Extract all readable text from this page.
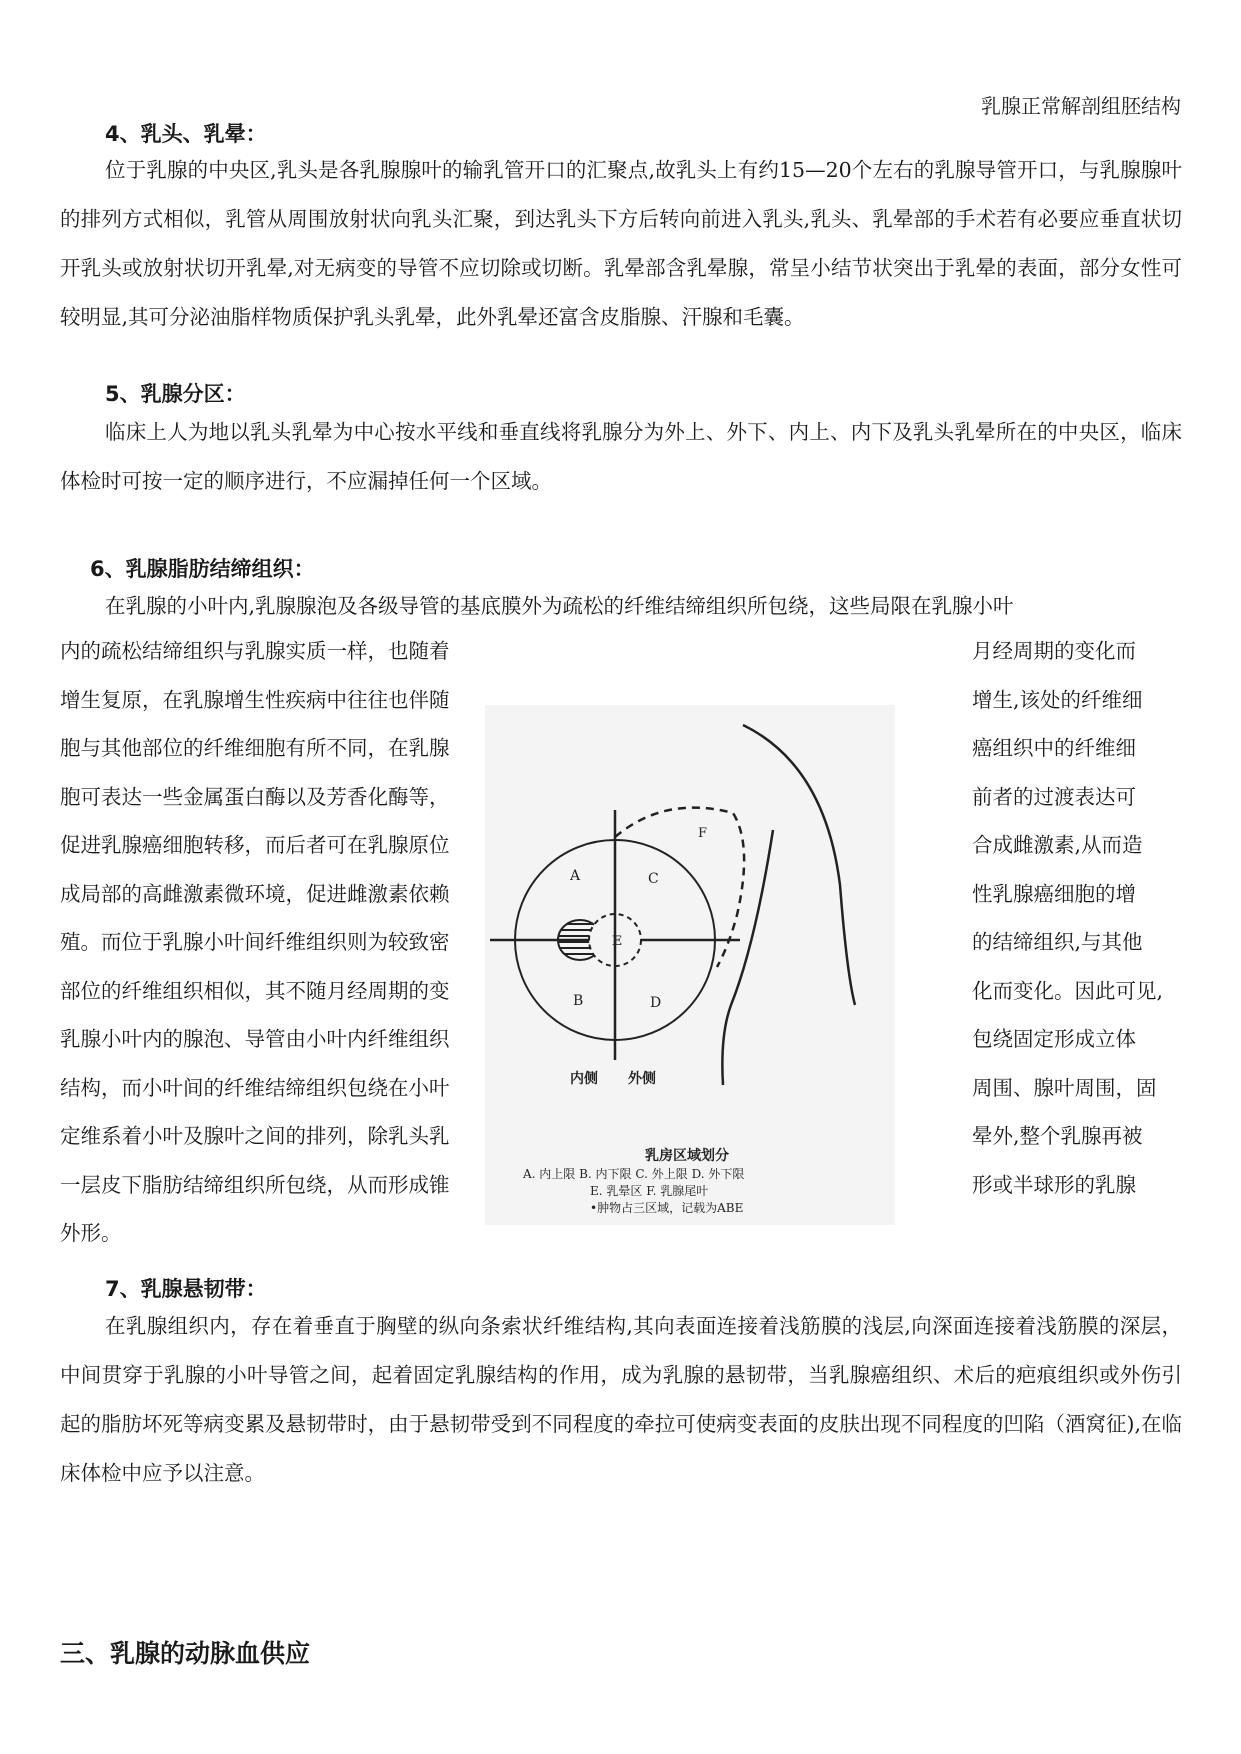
乳腺正常解剖组胚结构
4、乳头、乳晕：
位于乳腺的中央区,乳头是各乳腺腺叶的输乳管开口的汇聚点,故乳头上有约15—20个左右的乳腺导管开口，与乳腺腺叶的排列方式相似，乳管从周围放射状向乳头汇聚，到达乳头下方后转向前进入乳头,乳头、乳晕部的手术若有必要应垂直状切开乳头或放射状切开乳晕,对无病变的导管不应切除或切断。乳晕部含乳晕腺，常呈小结节状突出于乳晕的表面，部分女性可较明显,其可分泌油脂样物质保护乳头乳晕，此外乳晕还富含皮脂腺、汗腺和毛囊。
5、乳腺分区：
临床上人为地以乳头乳晕为中心按水平线和垂直线将乳腺分为外上、外下、内上、内下及乳头乳晕所在的中央区，临床体检时可按一定的顺序进行，不应漏掉任何一个区域。
6、乳腺脂肪结缔组织：
在乳腺的小叶内,乳腺腺泡及各级导管的基底膜外为疏松的纤维结缔组织所包绕，这些局限在乳腺小叶
内的疏松结缔组织与乳腺实质一样，也随着
增生复原，在乳腺增生性疾病中往往也伴随
胞与其他部位的纤维细胞有所不同，在乳腺
胞可表达一些金属蛋白酶以及芳香化酶等，
促进乳腺癌细胞转移，而后者可在乳腺原位
成局部的高雌激素微环境，促进雌激素依赖
殖。而位于乳腺小叶间纤维组织则为较致密
部位的纤维组织相似，其不随月经周期的变
乳腺小叶内的腺泡、导管由小叶内纤维组织
结构，而小叶间的纤维结缔组织包绕在小叶
定维系着小叶及腺叶之间的排列，除乳头乳
一层皮下脂肪结缔组织所包绕，从而形成锥
月经周期的变化而
增生,该处的纤维细
癌组织中的纤维细
前者的过渡表达可
合成雌激素,从而造
性乳腺癌细胞的增
的结缔组织,与其他
化而变化。因此可见,
包绕固定形成立体
周围、腺叶周围，固
晕外,整个乳腺再被
形或半球形的乳腺
外形。
7、乳腺悬韧带：
在乳腺组织内，存在着垂直于胸壁的纵向条索状纤维结构,其向表面连接着浅筋膜的浅层,向深面连接着浅筋膜的深层，中间贯穿于乳腺的小叶导管之间，起着固定乳腺结构的作用，成为乳腺的悬韧带，当乳腺癌组织、术后的疤痕组织或外伤引起的脂肪坏死等病变累及悬韧带时，由于悬韧带受到不同程度的牵拉可使病变表面的皮肤出现不同程度的凹陷（酒窝征),在临床体检中应予以注意。
三、乳腺的动脉血供应
A	C
B	D
E
F
内侧 外侧
乳房区域划分
A. 内上限 B. 内下限 C. 外上限 D. 外下限
E. 乳晕区 F. 乳腺尾叶
•肿物占三区域，记载为ABE
